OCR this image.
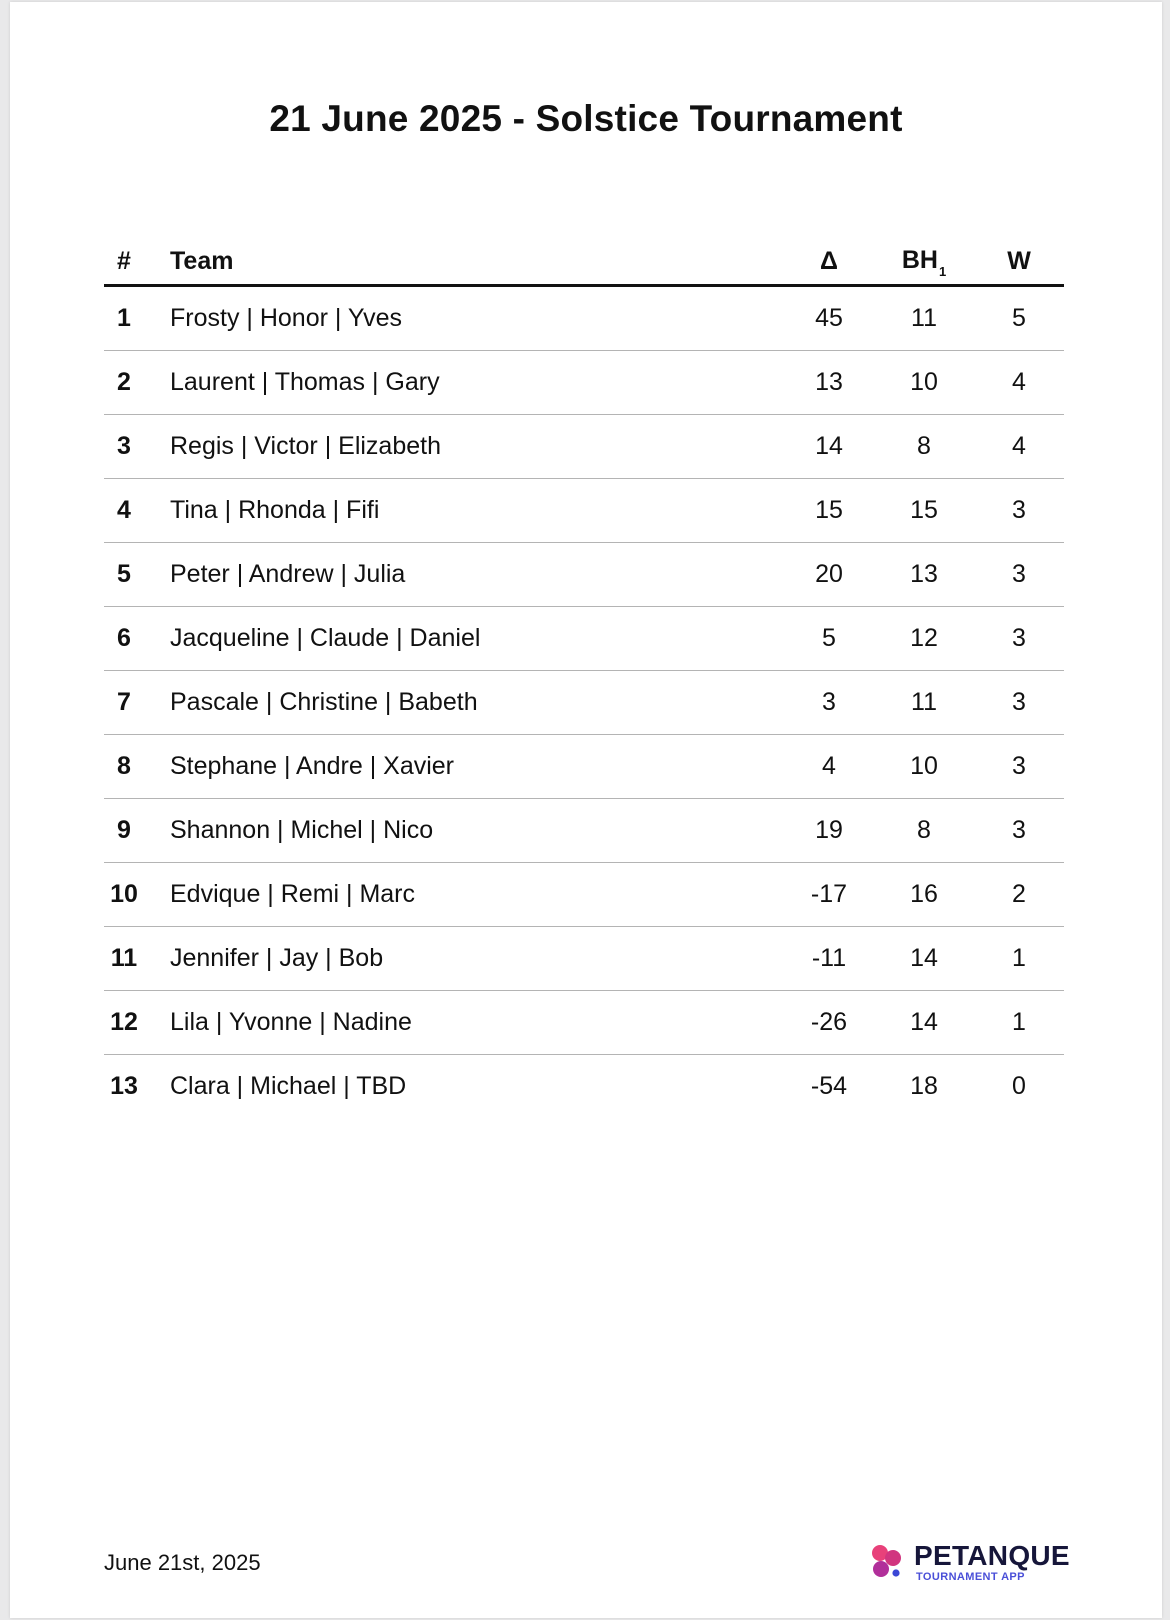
21 June 2025 - Solstice Tournament
#	Team	Δ	$BH_1$	W
1	Frosty | Honor | Yves	45	11	5
2	Laurent | Thomas | Gary	13	10	4
3	Regis | Victor | Elizabeth	14	8	4
4	Tina | Rhonda | Fifi	15	15	3
5	Peter | Andrew | Julia	20	13	3
6	Jacqueline | Claude | Daniel	5	12	3
7	Pascale | Christine | Babeth	3	11	3
8	Stephane | Andre | Xavier	4	10	3
9	Shannon | Michel | Nico	19	8	3
10	Edvique | Remi | Marc	-17	16	2
11	Jennifer | Jay | Bob	-11	14	1
12	Lila | Yvonne | Nadine	-26	14	1
13	Clara | Michael | TBD	-54	18	0
June 21st, 2025	PETANQUE
TOURNAMENT APP
